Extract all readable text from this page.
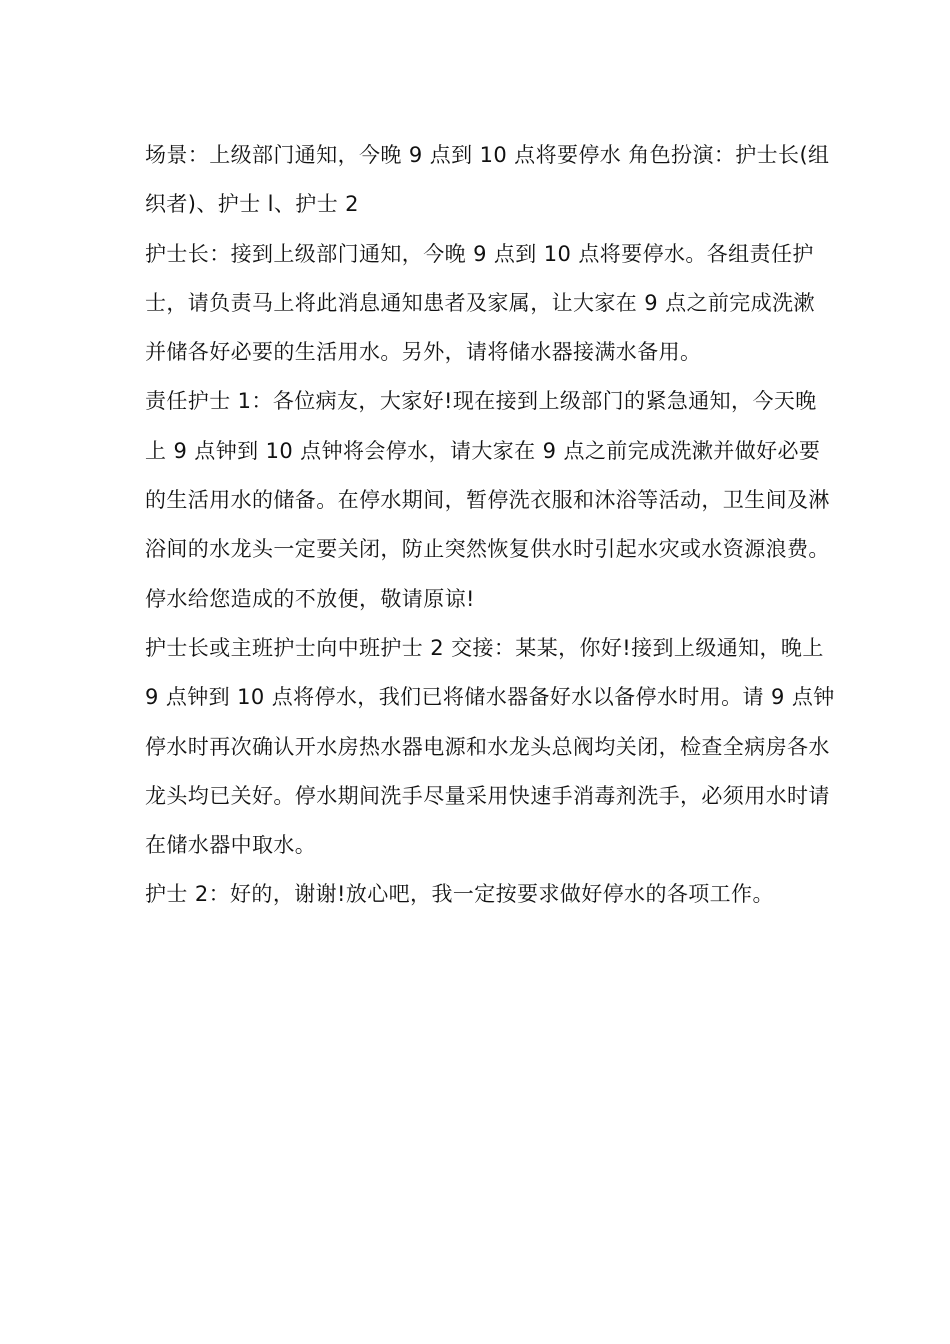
场景：上级部门通知，今晚 9 点到 10 点将要停水 角色扮演：护士长(组织者)、护士 l、护士 2

护士长：接到上级部门通知，今晚 9 点到 10 点将要停水。各组责任护士，请负责马上将此消息通知患者及家属，让大家在 9 点之前完成洗漱并储各好必要的生活用水。另外，请将储水器接满水备用。

责任护士 1：各位病友，大家好!现在接到上级部门的紧急通知，今天晚上 9 点钟到 10 点钟将会停水，请大家在 9 点之前完成洗漱并做好必要的生活用水的储备。在停水期间，暂停洗衣服和沐浴等活动，卫生间及淋浴间的水龙头一定要关闭，防止突然恢复供水时引起水灾或水资源浪费。停水给您造成的不放便，敬请原谅!

护士长或主班护士向中班护士 2 交接：某某，你好!接到上级通知，晚上 9 点钟到 10 点将停水，我们已将储水器备好水以备停水时用。请 9 点钟停水时再次确认开水房热水器电源和水龙头总阀均关闭，检查全病房各水龙头均已关好。停水期间洗手尽量采用快速手消毒剂洗手，必须用水时请在储水器中取水。

护士 2：好的，谢谢!放心吧，我一定按要求做好停水的各项工作。
